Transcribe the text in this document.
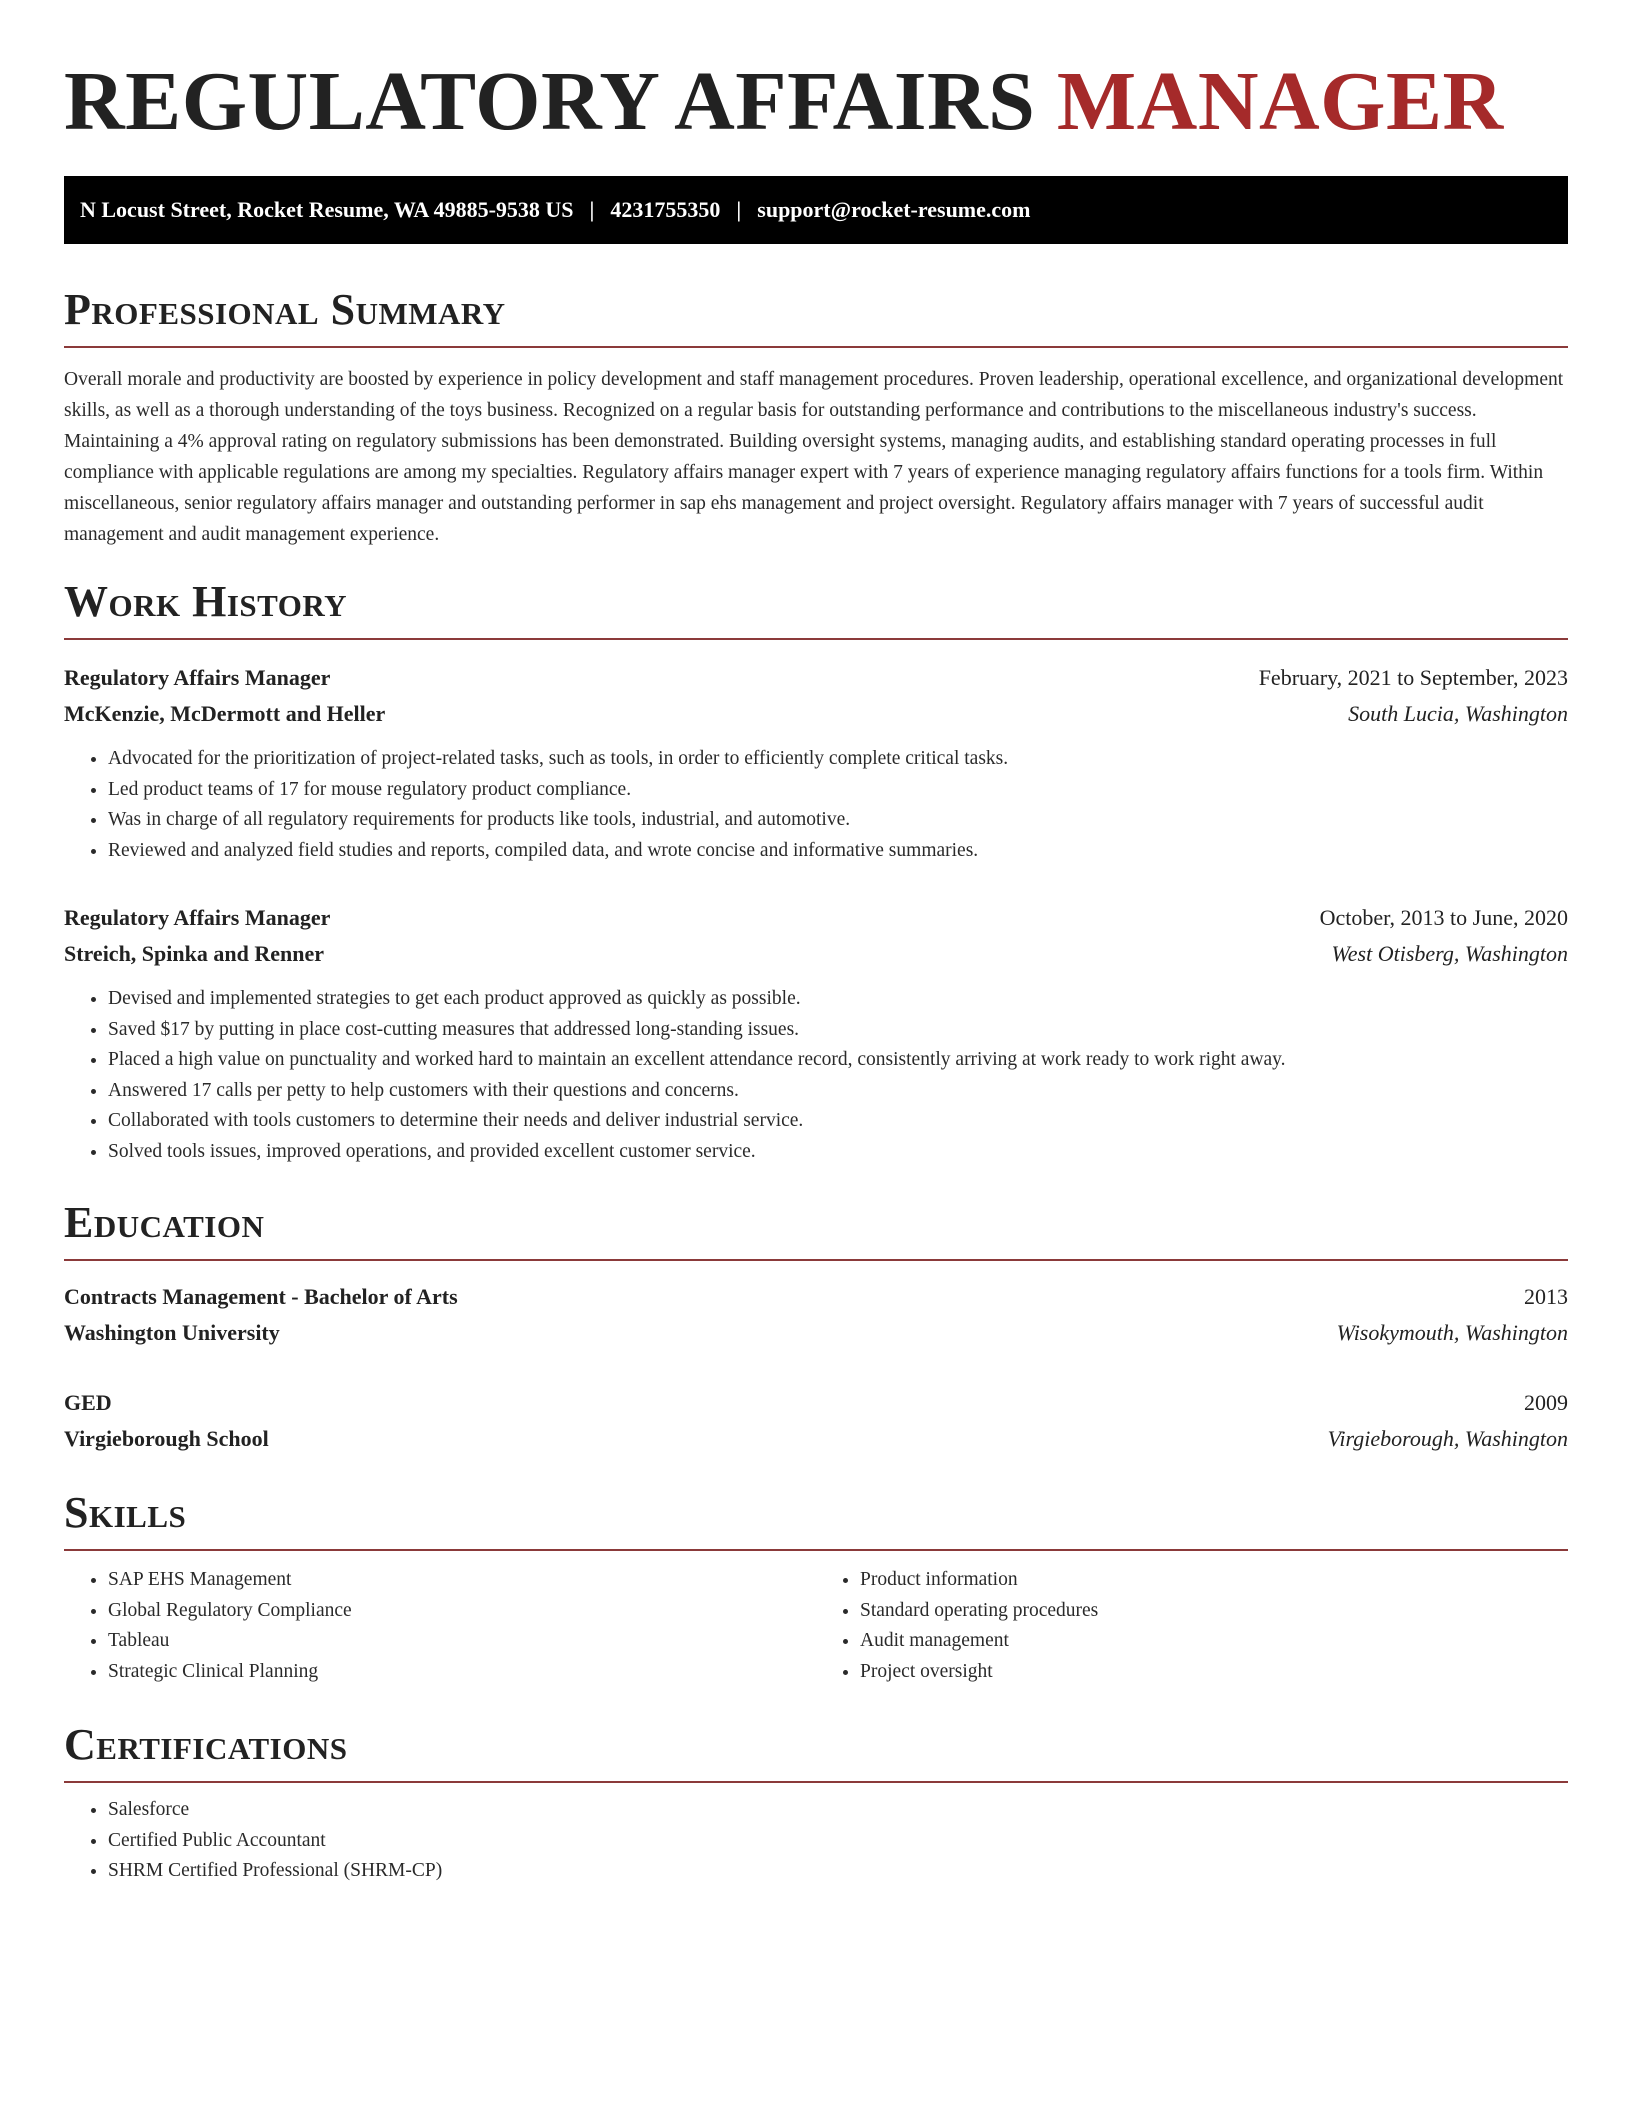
REGULATORY AFFAIRS MANAGER
N Locust Street, Rocket Resume, WA 49885-9538 US | 4231755350 | support@rocket-resume.com
Professional Summary

Overall morale and productivity are boosted by experience in policy development and staff management procedures. Proven leadership, operational excellence, and organizational development skills, as well as a thorough understanding of the toys business. Recognized on a regular basis for outstanding performance and contributions to the miscellaneous industry's success. Maintaining a 4% approval rating on regulatory submissions has been demonstrated. Building oversight systems, managing audits, and establishing standard operating processes in full compliance with applicable regulations are among my specialties. Regulatory affairs manager expert with 7 years of experience managing regulatory affairs functions for a tools firm. Within miscellaneous, senior regulatory affairs manager and outstanding performer in sap ehs management and project oversight. Regulatory affairs manager with 7 years of successful audit management and audit management experience.

Work History
Regulatory Affairs Manager	February, 2021 to September, 2023
McKenzie, McDermott and Heller	South Lucia, Washington
• Advocated for the prioritization of project-related tasks, such as tools, in order to efficiently complete critical tasks.
• Led product teams of 17 for mouse regulatory product compliance.
• Was in charge of all regulatory requirements for products like tools, industrial, and automotive.
• Reviewed and analyzed field studies and reports, compiled data, and wrote concise and informative summaries.
Regulatory Affairs Manager	October, 2013 to June, 2020
Streich, Spinka and Renner	West Otisberg, Washington
• Devised and implemented strategies to get each product approved as quickly as possible.
• Saved $17 by putting in place cost-cutting measures that addressed long-standing issues.
• Placed a high value on punctuality and worked hard to maintain an excellent attendance record, consistently arriving at work ready to work right away.
• Answered 17 calls per petty to help customers with their questions and concerns.
• Collaborated with tools customers to determine their needs and deliver industrial service.
• Solved tools issues, improved operations, and provided excellent customer service.
Education
Contracts Management - Bachelor of Arts	2013
Washington University	Wisokymouth, Washington
GED	2009
Virgieborough School	Virgieborough, Washington
Skills
• SAP EHS Management
• Global Regulatory Compliance
• Tableau
• Strategic Clinical Planning
• Product information
• Standard operating procedures
• Audit management
• Project oversight
Certifications
• Salesforce
• Certified Public Accountant
• SHRM Certified Professional (SHRM-CP)
